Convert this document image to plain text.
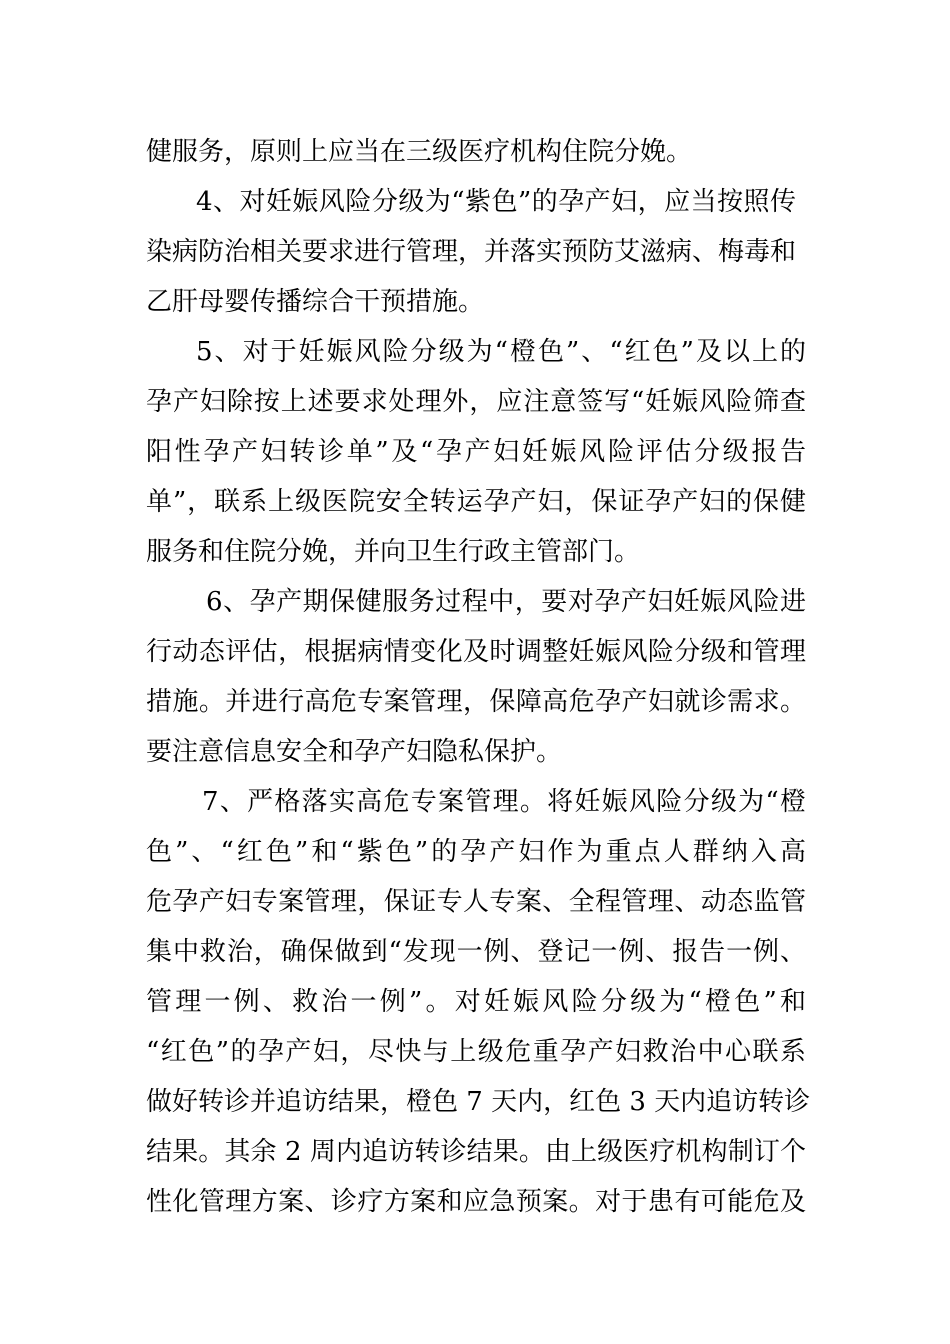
健服务，原则上应当在三级医疗机构住院分娩。
4、对妊娠风险分级为“紫色”的孕产妇，应当按照传
染病防治相关要求进行管理，并落实预防艾滋病、梅毒和
乙肝母婴传播综合干预措施。
5、对于妊娠风险分级为“橙色”、“红色”及以上的
孕产妇除按上述要求处理外，应注意签写“妊娠风险筛查
阳性孕产妇转诊单”及“孕产妇妊娠风险评估分级报告
单”，联系上级医院安全转运孕产妇，保证孕产妇的保健
服务和住院分娩，并向卫生行政主管部门。
6、孕产期保健服务过程中，要对孕产妇妊娠风险进
行动态评估，根据病情变化及时调整妊娠风险分级和管理
措施。并进行高危专案管理，保障高危孕产妇就诊需求。
要注意信息安全和孕产妇隐私保护。
7、严格落实高危专案管理。将妊娠风险分级为“橙
色”、“红色”和“紫色”的孕产妇作为重点人群纳入高
危孕产妇专案管理，保证专人专案、全程管理、动态监管
集中救治，确保做到“发现一例、登记一例、报告一例、
管理一例、救治一例”。对妊娠风险分级为“橙色”和
“红色”的孕产妇，尽快与上级危重孕产妇救治中心联系
做好转诊并追访结果，橙色 7 天内，红色 3 天内追访转诊
结果。其余 2 周内追访转诊结果。由上级医疗机构制订个
性化管理方案、诊疗方案和应急预案。对于患有可能危及
